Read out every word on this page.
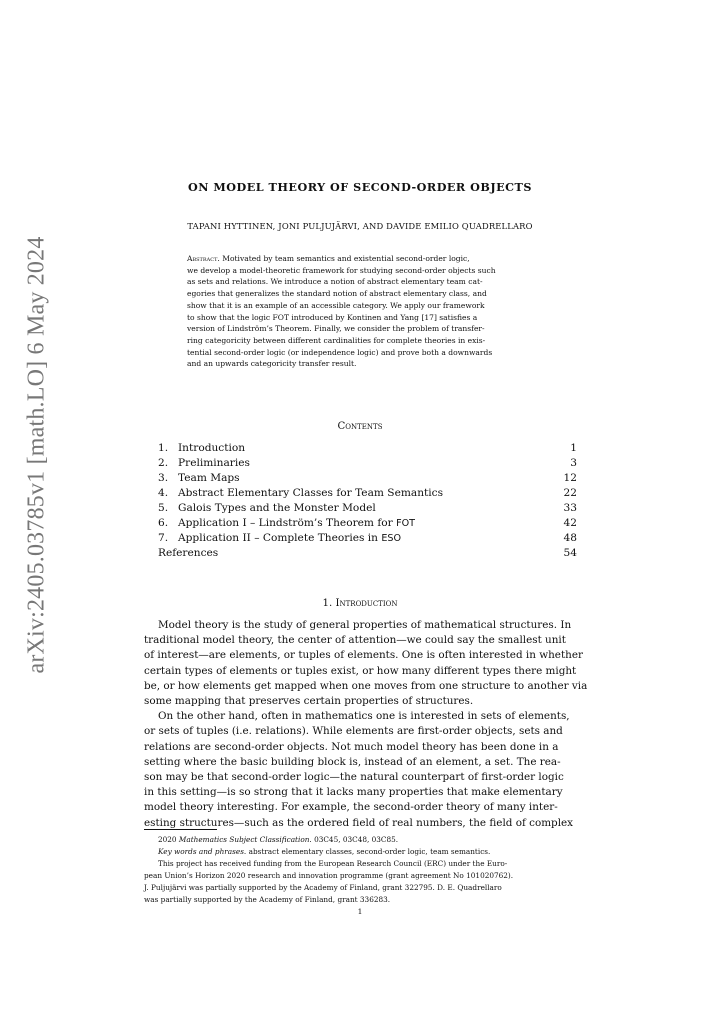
arXiv:2405.03785v1 [math.LO] 6 May 2024
ON MODEL THEORY OF SECOND-ORDER OBJECTS
TAPANI HYTTINEN, JONI PULJUJÄRVI, AND DAVIDE EMILIO QUADRELLARO
Abstract. Motivated by team semantics and existential second-order logic,
we develop a model-theoretic framework for studying second-order objects such
as sets and relations. We introduce a notion of abstract elementary team cat-
egories that generalizes the standard notion of abstract elementary class, and
show that it is an example of an accessible category. We apply our framework
to show that the logic FOT introduced by Kontinen and Yang [17] satisfies a
version of Lindström’s Theorem. Finally, we consider the problem of transfer-
ring categoricity between different cardinalities for complete theories in exis-
tential second-order logic (or independence logic) and prove both a downwards
and an upwards categoricity transfer result.
Contents
1. Introduction	1
2. Preliminaries	3
3. Team Maps	12
4. Abstract Elementary Classes for Team Semantics	22
5. Galois Types and the Monster Model	33
6. Application I – Lindström’s Theorem for FOT	42
7. Application II – Complete Theories in ESO	48
References	54
1. Introduction
Model theory is the study of general properties of mathematical structures. In
traditional model theory, the center of attention—we could say the smallest unit
of interest—are elements, or tuples of elements. One is often interested in whether
certain types of elements or tuples exist, or how many different types there might
be, or how elements get mapped when one moves from one structure to another via
some mapping that preserves certain properties of structures.
On the other hand, often in mathematics one is interested in sets of elements,
or sets of tuples (i.e. relations). While elements are first-order objects, sets and
relations are second-order objects. Not much model theory has been done in a
setting where the basic building block is, instead of an element, a set. The rea-
son may be that second-order logic—the natural counterpart of first-order logic
in this setting—is so strong that it lacks many properties that make elementary
model theory interesting. For example, the second-order theory of many inter-
esting structures—such as the ordered field of real numbers, the field of complex
2020 Mathematics Subject Classification. 03C45, 03C48, 03C85.
Key words and phrases. abstract elementary classes, second-order logic, team semantics.
This project has received funding from the European Research Council (ERC) under the Euro-
pean Union’s Horizon 2020 research and innovation programme (grant agreement No 101020762).
J. Puljujärvi was partially supported by the Academy of Finland, grant 322795. D. E. Quadrellaro
was partially supported by the Academy of Finland, grant 336283.
1
